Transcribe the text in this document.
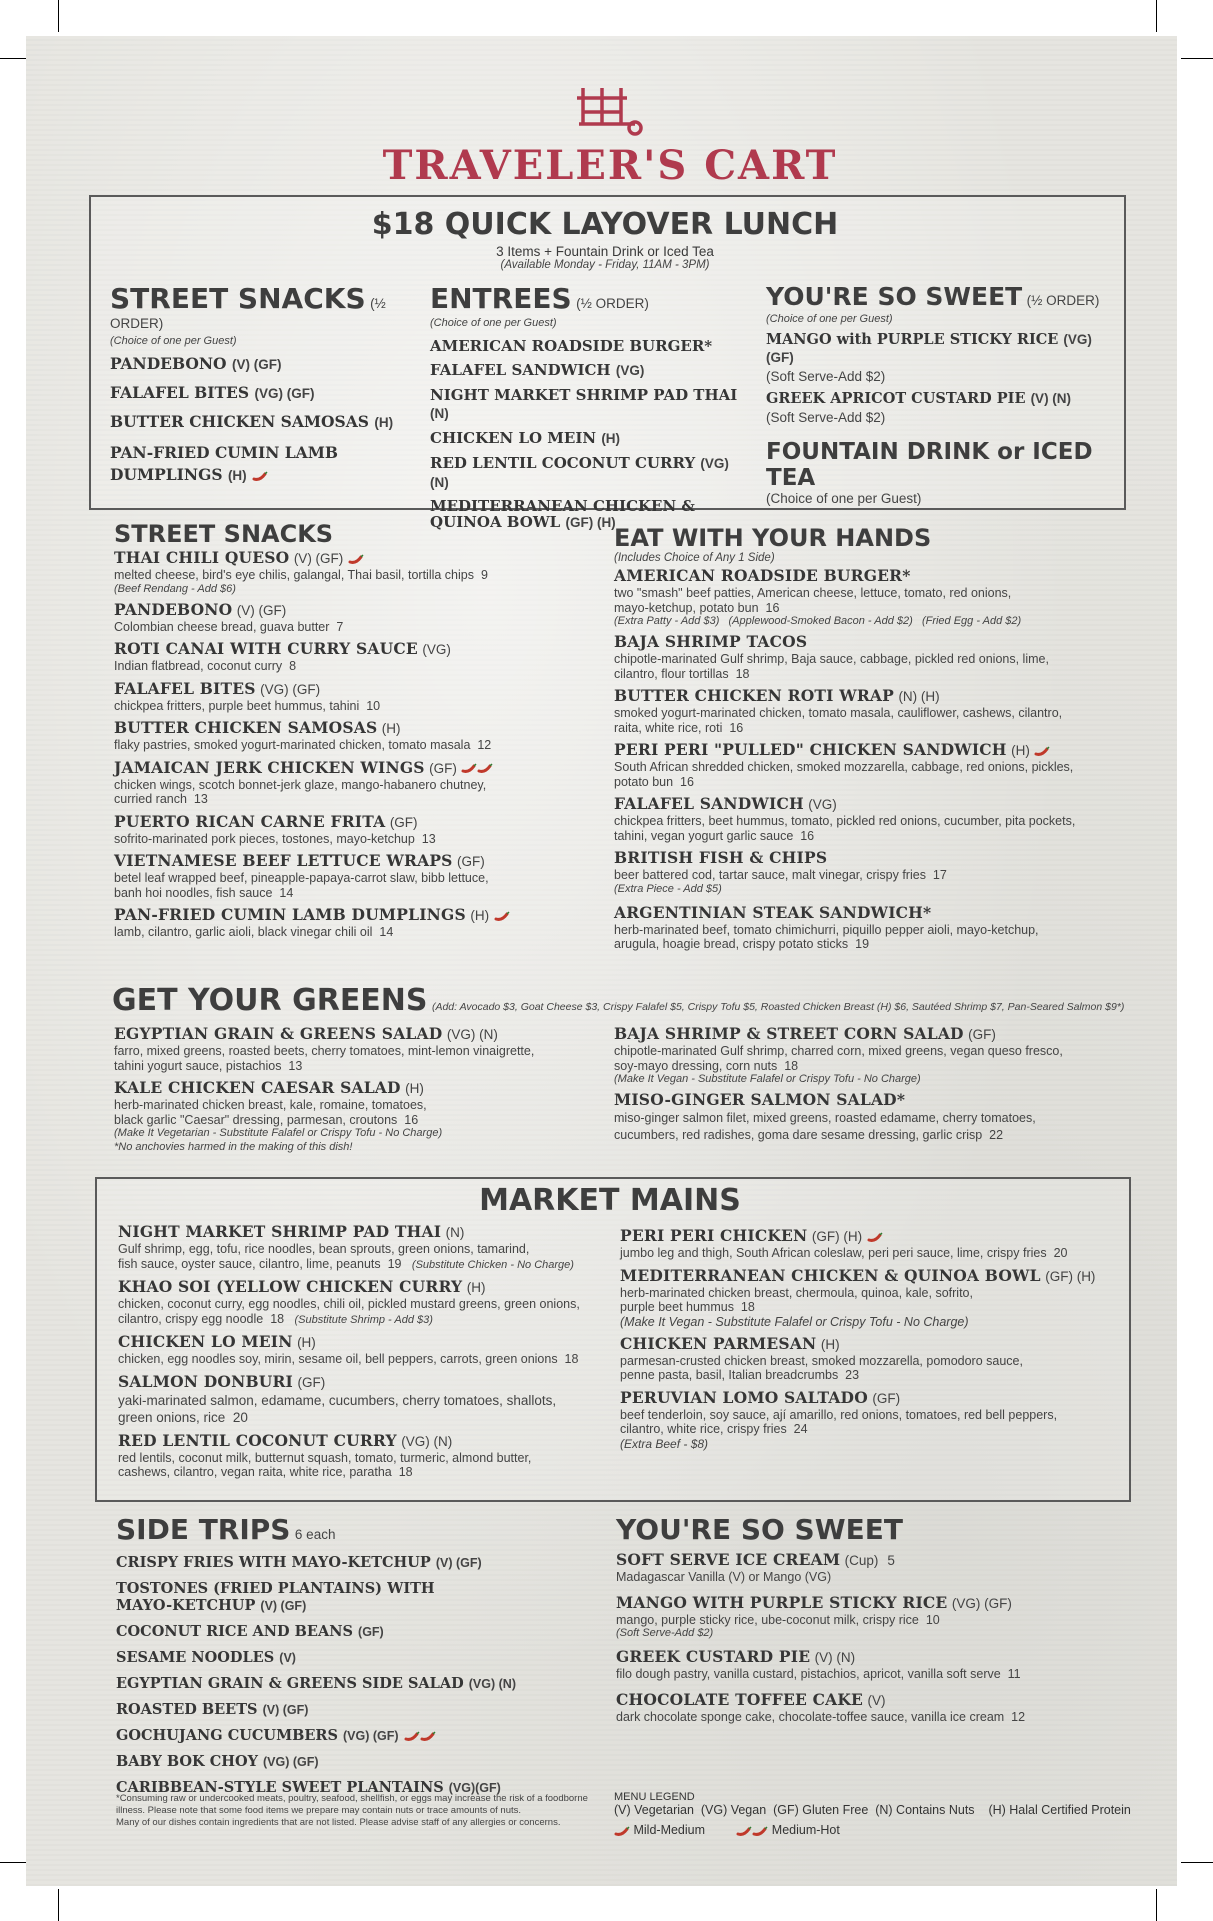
TRAVELER'S CART
$18 QUICK LAYOVER LUNCH
3 Items + Fountain Drink or Iced Tea
(Available Monday - Friday, 11AM - 3PM)
STREET SNACKS (½ ORDER)
(Choice of one per Guest)
PANDEBONO (V) (GF)
FALAFEL BITES (VG) (GF)
BUTTER CHICKEN SAMOSAS (H)
PAN-FRIED CUMIN LAMB
DUMPLINGS (H)
ENTREES (½ ORDER)
(Choice of one per Guest)
AMERICAN ROADSIDE BURGER*
FALAFEL SANDWICH (VG)
NIGHT MARKET SHRIMP PAD THAI (N)
CHICKEN LO MEIN (H)
RED LENTIL COCONUT CURRY (VG) (N)
MEDITERRANEAN CHICKEN &
QUINOA BOWL (GF) (H)
YOU'RE SO SWEET (½ ORDER)
(Choice of one per Guest)
MANGO with PURPLE STICKY RICE (VG) (GF)
(Soft Serve-Add $2)
GREEK APRICOT CUSTARD PIE (V) (N)
(Soft Serve-Add $2)
FOUNTAIN DRINK or ICED TEA
(Choice of one per Guest)
STREET SNACKS
THAI CHILI QUESO (V) (GF)
melted cheese, bird's eye chilis, galangal, Thai basil, tortilla chips 9
(Beef Rendang - Add $6)
PANDEBONO (V) (GF)
Colombian cheese bread, guava butter 7
ROTI CANAI WITH CURRY SAUCE (VG)
Indian flatbread, coconut curry 8
FALAFEL BITES (VG) (GF)
chickpea fritters, purple beet hummus, tahini 10
BUTTER CHICKEN SAMOSAS (H)
flaky pastries, smoked yogurt-marinated chicken, tomato masala 12
JAMAICAN JERK CHICKEN WINGS (GF)
chicken wings, scotch bonnet-jerk glaze, mango-habanero chutney,
curried ranch 13
PUERTO RICAN CARNE FRITA (GF)
sofrito-marinated pork pieces, tostones, mayo-ketchup 13
VIETNAMESE BEEF LETTUCE WRAPS (GF)
betel leaf wrapped beef, pineapple-papaya-carrot slaw, bibb lettuce,
banh hoi noodles, fish sauce 14
PAN-FRIED CUMIN LAMB DUMPLINGS (H)
lamb, cilantro, garlic aioli, black vinegar chili oil 14
EAT WITH YOUR HANDS
(Includes Choice of Any 1 Side)
AMERICAN ROADSIDE BURGER*
two "smash" beef patties, American cheese, lettuce, tomato, red onions,
mayo-ketchup, potato bun 16
(Extra Patty - Add $3)   (Applewood-Smoked Bacon - Add $2)   (Fried Egg - Add $2)
BAJA SHRIMP TACOS
chipotle-marinated Gulf shrimp, Baja sauce, cabbage, pickled red onions, lime,
cilantro, flour tortillas 18
BUTTER CHICKEN ROTI WRAP (N) (H)
smoked yogurt-marinated chicken, tomato masala, cauliflower, cashews, cilantro,
raita, white rice, roti 16
PERI PERI "PULLED" CHICKEN SANDWICH (H)
South African shredded chicken, smoked mozzarella, cabbage, red onions, pickles,
potato bun 16
FALAFEL SANDWICH (VG)
chickpea fritters, beet hummus, tomato, pickled red onions, cucumber, pita pockets,
tahini, vegan yogurt garlic sauce 16
BRITISH FISH & CHIPS
beer battered cod, tartar sauce, malt vinegar, crispy fries 17
(Extra Piece - Add $5)
ARGENTINIAN STEAK SANDWICH*
herb-marinated beef, tomato chimichurri, piquillo pepper aioli, mayo-ketchup,
arugula, hoagie bread, crispy potato sticks 19
GET YOUR GREENS (Add: Avocado $3, Goat Cheese $3, Crispy Falafel $5, Crispy Tofu $5, Roasted Chicken Breast (H) $6, Sautéed Shrimp $7, Pan-Seared Salmon $9*)
EGYPTIAN GRAIN & GREENS SALAD (VG) (N)
farro, mixed greens, roasted beets, cherry tomatoes, mint-lemon vinaigrette,
tahini yogurt sauce, pistachios 13
KALE CHICKEN CAESAR SALAD (H)
herb-marinated chicken breast, kale, romaine, tomatoes,
black garlic "Caesar" dressing, parmesan, croutons 16
(Make It Vegetarian - Substitute Falafel or Crispy Tofu - No Charge)
*No anchovies harmed in the making of this dish!
BAJA SHRIMP & STREET CORN SALAD (GF)
chipotle-marinated Gulf shrimp, charred corn, mixed greens, vegan queso fresco,
soy-mayo dressing, corn nuts 18
(Make It Vegan - Substitute Falafel or Crispy Tofu - No Charge)
MISO-GINGER SALMON SALAD*
miso-ginger salmon filet, mixed greens, roasted edamame, cherry tomatoes,
cucumbers, red radishes, goma dare sesame dressing, garlic crisp 22
MARKET MAINS
NIGHT MARKET SHRIMP PAD THAI (N)
Gulf shrimp, egg, tofu, rice noodles, bean sprouts, green onions, tamarind,
fish sauce, oyster sauce, cilantro, lime, peanuts 19 (Substitute Chicken - No Charge)
KHAO SOI (YELLOW CHICKEN CURRY (H)
chicken, coconut curry, egg noodles, chili oil, pickled mustard greens, green onions,
cilantro, crispy egg noodle 18 (Substitute Shrimp - Add $3)
CHICKEN LO MEIN (H)
chicken, egg noodles soy, mirin, sesame oil, bell peppers, carrots, green onions 18
SALMON DONBURI (GF)
yaki-marinated salmon, edamame, cucumbers, cherry tomatoes, shallots,
green onions, rice 20
RED LENTIL COCONUT CURRY (VG) (N)
red lentils, coconut milk, butternut squash, tomato, turmeric, almond butter,
cashews, cilantro, vegan raita, white rice, paratha 18
PERI PERI CHICKEN (GF) (H)
jumbo leg and thigh, South African coleslaw, peri peri sauce, lime, crispy fries 20
MEDITERRANEAN CHICKEN & QUINOA BOWL (GF) (H)
herb-marinated chicken breast, chermoula, quinoa, kale, sofrito,
purple beet hummus 18
(Make It Vegan - Substitute Falafel or Crispy Tofu - No Charge)
CHICKEN PARMESAN (H)
parmesan-crusted chicken breast, smoked mozzarella, pomodoro sauce,
penne pasta, basil, Italian breadcrumbs 23
PERUVIAN LOMO SALTADO (GF)
beef tenderloin, soy sauce, ají amarillo, red onions, tomatoes, red bell peppers,
cilantro, white rice, crispy fries 24
(Extra Beef - $8)
SIDE TRIPS 6 each
CRISPY FRIES WITH MAYO-KETCHUP (V) (GF)
TOSTONES (FRIED PLANTAINS) WITH
MAYO-KETCHUP (V) (GF)
COCONUT RICE AND BEANS (GF)
SESAME NOODLES (V)
EGYPTIAN GRAIN & GREENS SIDE SALAD (VG) (N)
ROASTED BEETS (V) (GF)
GOCHUJANG CUCUMBERS (VG) (GF)
BABY BOK CHOY (VG) (GF)
CARIBBEAN-STYLE SWEET PLANTAINS (VG)(GF)
YOU'RE SO SWEET
SOFT SERVE ICE CREAM (Cup) 5
Madagascar Vanilla (V) or Mango (VG)
MANGO WITH PURPLE STICKY RICE (VG) (GF)
mango, purple sticky rice, ube-coconut milk, crispy rice 10
(Soft Serve-Add $2)
GREEK CUSTARD PIE (V) (N)
filo dough pastry, vanilla custard, pistachios, apricot, vanilla soft serve 11
CHOCOLATE TOFFEE CAKE (V)
dark chocolate sponge cake, chocolate-toffee sauce, vanilla ice cream 12
*Consuming raw or undercooked meats, poultry, seafood, shellfish, or eggs may increase the risk of a foodborne
illness. Please note that some food items we prepare may contain nuts or trace amounts of nuts.
Many of our dishes contain ingredients that are not listed. Please advise staff of any allergies or concerns.
MENU LEGEND
(V) Vegetarian  (VG) Vegan  (GF) Gluten Free  (N) Contains Nuts    (H) Halal Certified Protein
Mild-Medium	Medium-Hot
